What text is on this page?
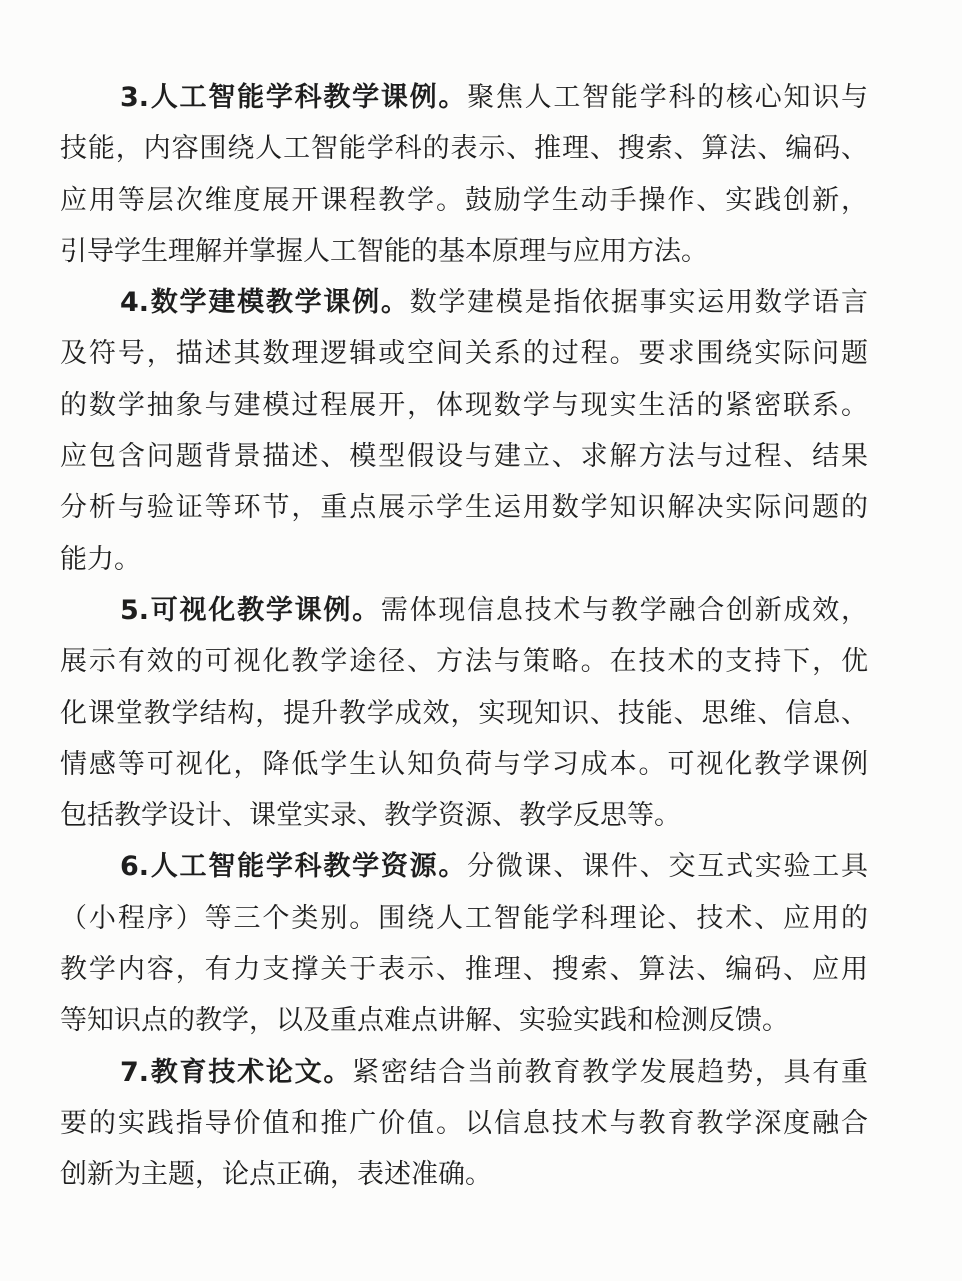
3.人工智能学科教学课例。聚焦人工智能学科的核心知识与
技能，内容围绕人工智能学科的表示、推理、搜索、算法、编码、
应用等层次维度展开课程教学。鼓励学生动手操作、实践创新，
引导学生理解并掌握人工智能的基本原理与应用方法。
4.数学建模教学课例。数学建模是指依据事实运用数学语言
及符号，描述其数理逻辑或空间关系的过程。要求围绕实际问题
的数学抽象与建模过程展开，体现数学与现实生活的紧密联系。
应包含问题背景描述、模型假设与建立、求解方法与过程、结果
分析与验证等环节，重点展示学生运用数学知识解决实际问题的
能力。
5.可视化教学课例。需体现信息技术与教学融合创新成效，
展示有效的可视化教学途径、方法与策略。在技术的支持下，优
化课堂教学结构，提升教学成效，实现知识、技能、思维、信息、
情感等可视化，降低学生认知负荷与学习成本。可视化教学课例
包括教学设计、课堂实录、教学资源、教学反思等。
6.人工智能学科教学资源。分微课、课件、交互式实验工具
（小程序）等三个类别。围绕人工智能学科理论、技术、应用的
教学内容，有力支撑关于表示、推理、搜索、算法、编码、应用
等知识点的教学，以及重点难点讲解、实验实践和检测反馈。
7.教育技术论文。紧密结合当前教育教学发展趋势，具有重
要的实践指导价值和推广价值。以信息技术与教育教学深度融合
创新为主题，论点正确，表述准确。
